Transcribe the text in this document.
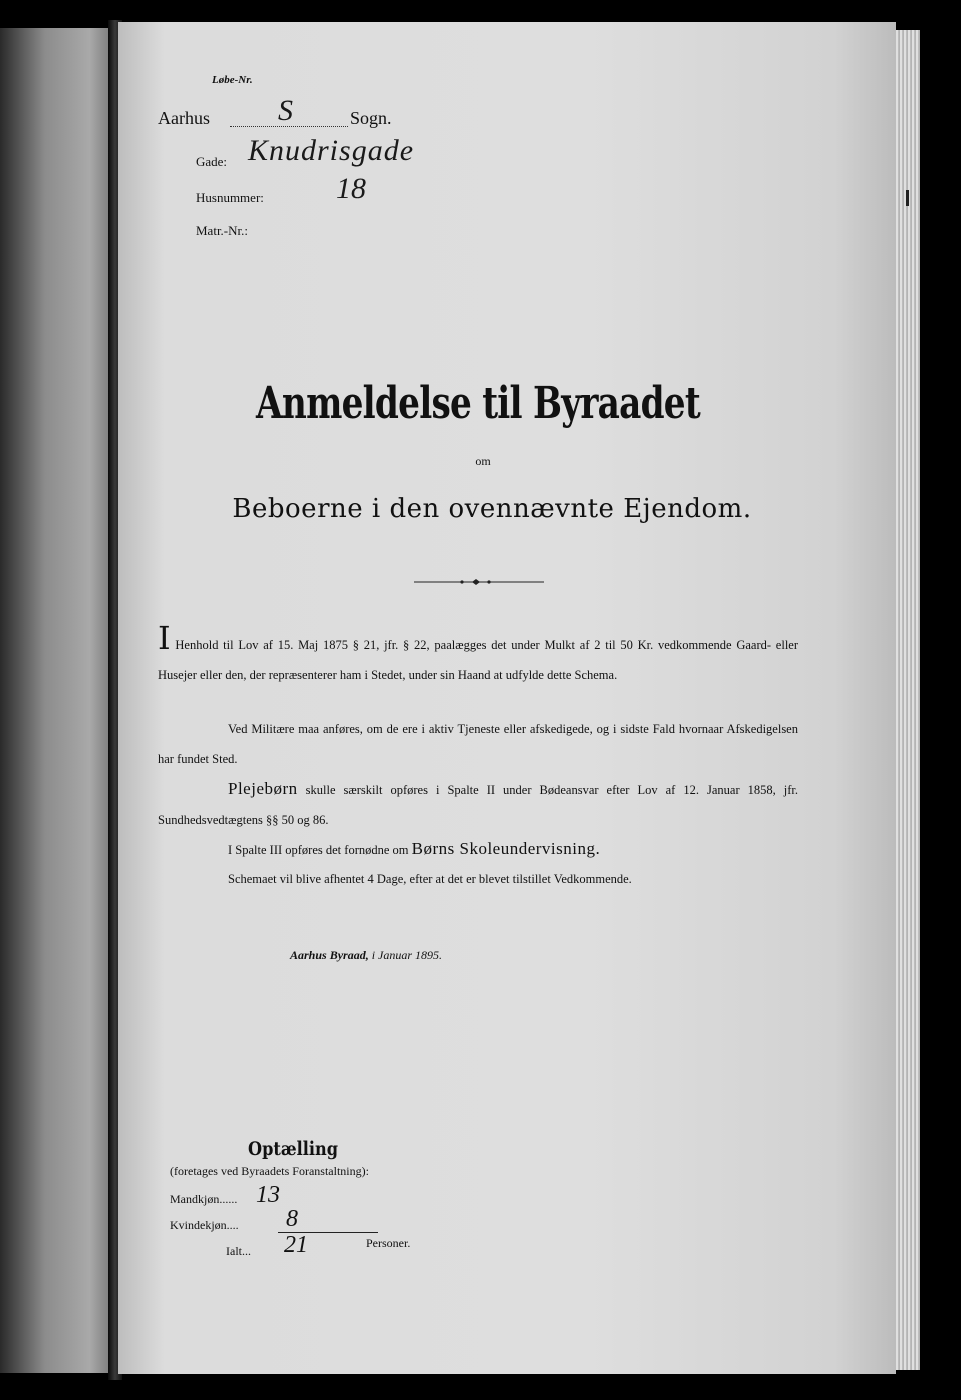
Løbe-Nr.
Aarhus S	Sogn.
Gade: Knudrisgade
Husnummer: 18
Matr.-Nr.:
Anmeldelse til Byraadet
om
Beboerne i den ovennævnte Ejendom.
I Henhold til Lov af 15. Maj 1875 § 21, jfr. § 22, paalægges det under Mulkt af 2 til 50 Kr. vedkommende Gaard- eller Husejer eller den, der repræsenterer ham i Stedet, under sin Haand at udfylde dette Schema.
Ved Militære maa anføres, om de ere i aktiv Tjeneste eller afskedigede, og i sidste Fald hvornaar Afskedigelsen har fundet Sted.
Plejebørn skulle særskilt opføres i Spalte II under Bødeansvar efter Lov af 12. Januar 1858, jfr. Sundhedsvedtægtens §§ 50 og 86.
I Spalte III opføres det fornødne om Børns Skoleundervisning.
Schemaet vil blive afhentet 4 Dage, efter at det er blevet tilstillet Vedkommende.
Aarhus Byraad, i Januar 1895.
Optælling
(foretages ved Byraadets Foranstaltning):
Mandkjøn...... 13
Kvindekjøn.... 8
Ialt... 21	Personer.
